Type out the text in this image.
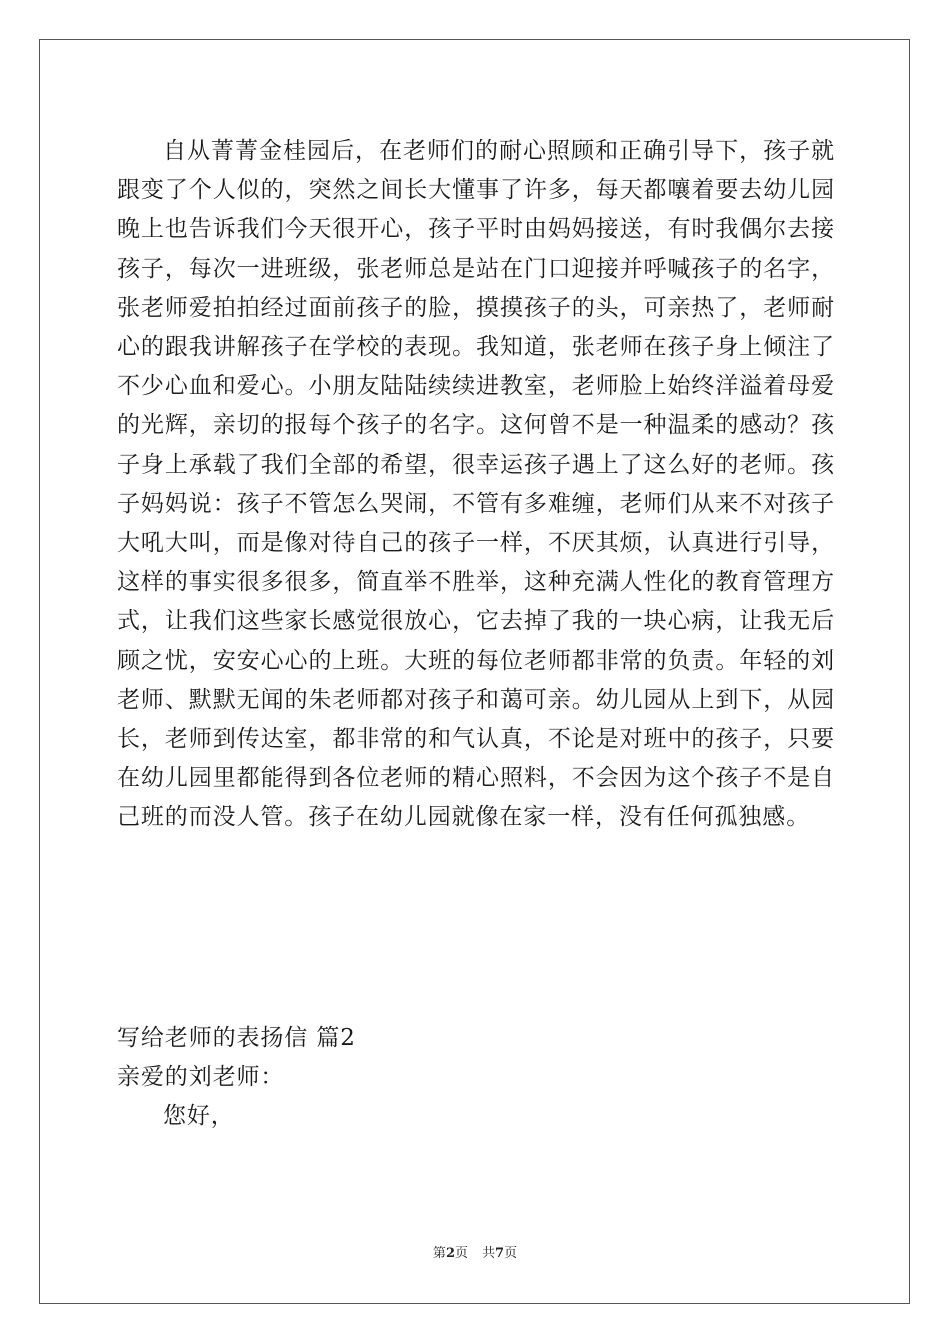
自从菁菁金桂园后，在老师们的耐心照顾和正确引导下，孩子就跟变了个人似的，突然之间长大懂事了许多，每天都嚷着要去幼儿园晚上也告诉我们今天很开心，孩子平时由妈妈接送，有时我偶尔去接孩子，每次一进班级，张老师总是站在门口迎接并呼喊孩子的名字，张老师爱拍拍经过面前孩子的脸，摸摸孩子的头，可亲热了，老师耐心的跟我讲解孩子在学校的表现。我知道，张老师在孩子身上倾注了不少心血和爱心。小朋友陆陆续续进教室，老师脸上始终洋溢着母爱的光辉，亲切的报每个孩子的名字。这何曾不是一种温柔的感动？孩子身上承载了我们全部的希望，很幸运孩子遇上了这么好的老师。孩子妈妈说：孩子不管怎么哭闹，不管有多难缠，老师们从来不对孩子大吼大叫，而是像对待自己的孩子一样，不厌其烦，认真进行引导，这样的事实很多很多，简直举不胜举，这种充满人性化的教育管理方式，让我们这些家长感觉很放心，它去掉了我的一块心病，让我无后顾之忧，安安心心的上班。大班的每位老师都非常的负责。年轻的刘老师、默默无闻的朱老师都对孩子和蔼可亲。幼儿园从上到下，从园长，老师到传达室，都非常的和气认真，不论是对班中的孩子，只要在幼儿园里都能得到各位老师的精心照料，不会因为这个孩子不是自己班的而没人管。孩子在幼儿园就像在家一样，没有任何孤独感。

写给老师的表扬信 篇2

亲爱的刘老师：

您好，

第2页 共7页
